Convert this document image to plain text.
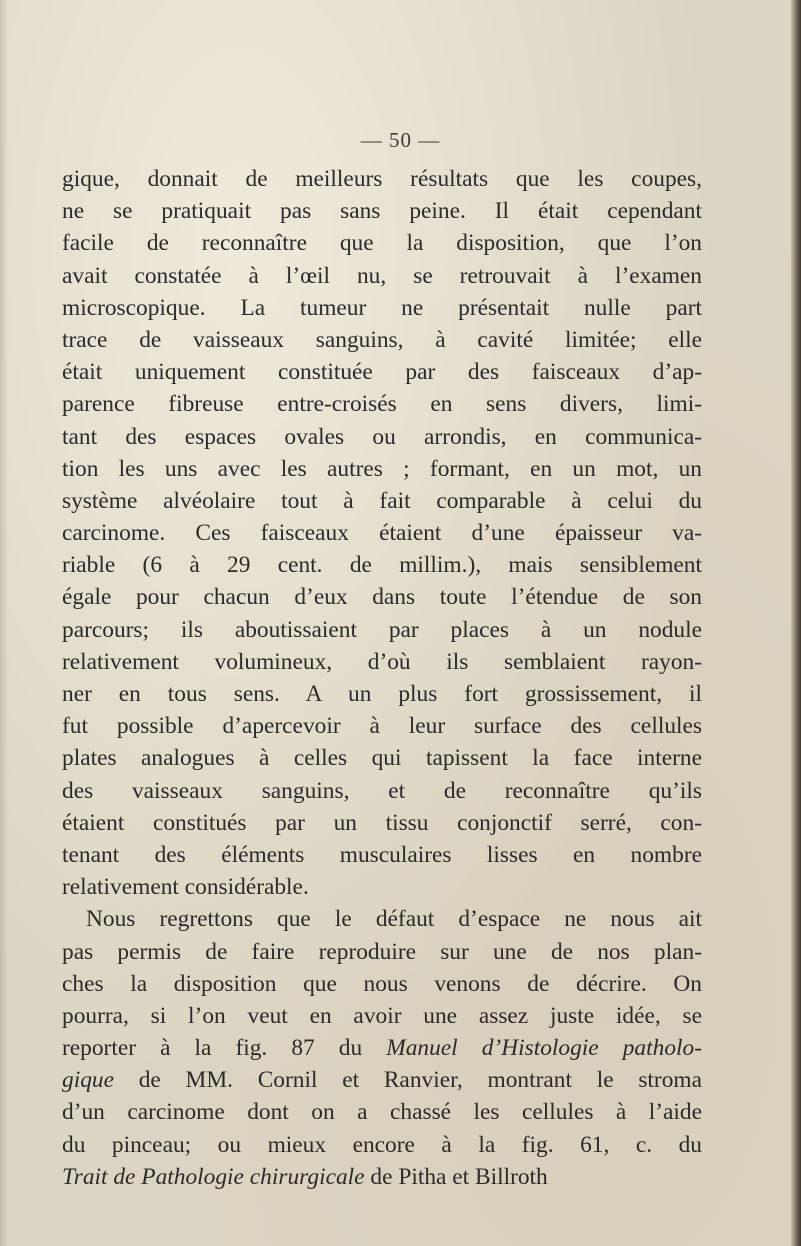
— 50 —
gique, donnait de meilleurs résultats que les coupes,
ne se pratiquait pas sans peine. Il était cependant
facile de reconnaître que la disposition, que l’on
avait constatée à l’œil nu, se retrouvait à l’examen
microscopique. La tumeur ne présentait nulle part
trace de vaisseaux sanguins, à cavité limitée; elle
était uniquement constituée par des faisceaux d’ap-
parence fibreuse entre-croisés en sens divers, limi-
tant des espaces ovales ou arrondis, en communica-
tion les uns avec les autres ; formant, en un mot, un
système alvéolaire tout à fait comparable à celui du
carcinome. Ces faisceaux étaient d’une épaisseur va-
riable (6 à 29 cent. de millim.), mais sensiblement
égale pour chacun d’eux dans toute l’étendue de son
parcours; ils aboutissaient par places à un nodule
relativement volumineux, d’où ils semblaient rayon-
ner en tous sens. A un plus fort grossissement, il
fut possible d’apercevoir à leur surface des cellules
plates analogues à celles qui tapissent la face interne
des vaisseaux sanguins, et de reconnaître qu’ils
étaient constitués par un tissu conjonctif serré, con-
tenant des éléments musculaires lisses en nombre
relativement considérable.
Nous regrettons que le défaut d’espace ne nous ait
pas permis de faire reproduire sur une de nos plan-
ches la disposition que nous venons de décrire. On
pourra, si l’on veut en avoir une assez juste idée, se
reporter à la fig. 87 du Manuel d’Histologie patholo-
gique de MM. Cornil et Ranvier, montrant le stroma
d’un carcinome dont on a chassé les cellules à l’aide
du pinceau; ou mieux encore à la fig. 61, c. du
Trait de Pathologie chirurgicale de Pitha et Billroth
